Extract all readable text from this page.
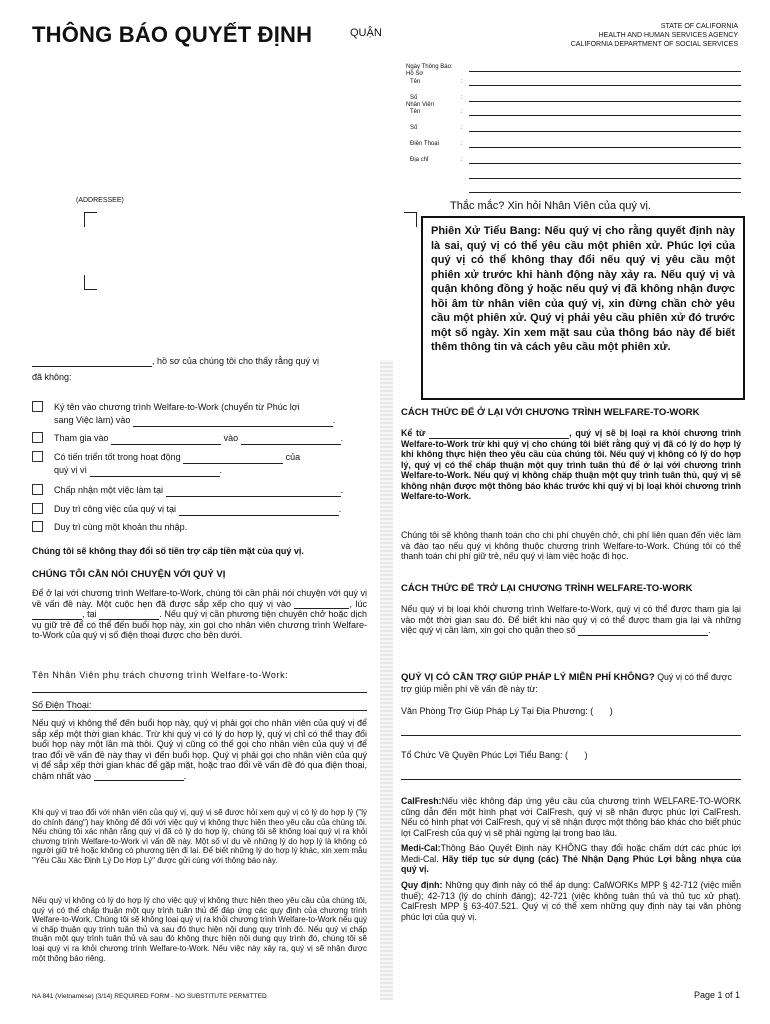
THÔNG BÁO QUYẾT ĐỊNH	QUẬN
STATE OF CALIFORNIA
HEALTH AND HUMAN SERVICES AGENCY
CALIFORNIA DEPARTMENT OF SOCIAL SERVICES
Ngày Thông Báo:
Hồ Sơ
Tên	:
Số	:
Nhân Viên
Tên	:
Số	:
Điện Thoại	:
Địa chỉ	:
(ADDRESSEE)	Thắc mắc? Xin hỏi Nhân Viên của quý vị.
Phiên Xử Tiểu Bang: Nếu quý vị cho rằng quyết định này là sai, quý vị có thể yêu cầu một phiên xử. Phúc lợi của quý vị có thể không thay đổi nếu quý vị yêu cầu một phiên xử trước khi hành động này xảy ra. Nếu quý vị và quận không đồng ý hoặc nếu quý vị đã không nhận được hồi âm từ nhân viên của quý vị, xin đừng chần chờ yêu cầu một phiên xử. Quý vị phải yêu cầu phiên xử đó trước một số ngày. Xin xem mặt sau của thông báo này để biết thêm thông tin và cách yêu cầu một phiên xử.
, hồ sơ của chúng tôi cho thấy rằng quý vị
đã không:
Ký tên vào chương trình Welfare-to-Work (chuyển từ Phúc lợi
sang Việc làm) vào	.
Tham gia vào	vào	.
Có tiến triển tốt trong hoạt động	của
quý vị vì	.
Chấp nhận một việc làm tại	.
Duy trì công việc của quý vị tại	.
Duy trì cùng một khoản thu nhập.
Chúng tôi sẽ không thay đổi số tiền trợ cấp tiền mặt của quý vị.
CHÚNG TÔI CẦN NÓI CHUYỆN VỚI QUÝ VỊ
Để ở lại với chương trình Welfare-to-Work, chúng tôi cần phải nói chuyện với quý vị về vấn đề này. Một cuộc hẹn đã được sắp xếp cho quý vị vào	, lúc , tại	. Nếu quý vị cần phương tiện chuyên chở hoặc dịch vụ giữ trẻ để có thể đến buổi họp này, xin gọi cho nhân viên chương trình Welfare-to-Work của quý vị số điện thoại được cho bên dưới.
Tên Nhân Viên phụ trách chương trình Welfare-to-Work:
Số Điện Thoại:
Nếu quý vị không thể đến buổi họp này, quý vị phải gọi cho nhân viên của quý vị để sắp xếp một thời gian khác. Trừ khi quý vị có lý do hợp lý, quý vị chỉ có thể thay đổi buổi họp này một lần mà thôi. Quý vị cũng có thể gọi cho nhân viên của quý vị để trao đổi về vấn đề này thay vì đến buổi họp. Quý vị phải gọi cho nhân viên của quý vị để sắp xếp thời gian khác để gặp mặt, hoặc trao đổi về vấn đề đó qua điện thoại, chậm nhất vào	.
Khi quý vị trao đổi với nhân viên của quý vị, quý vị sẽ được hỏi xem quý vị có lý do hợp lý ("lý do chính đáng") hay không để đối với việc quý vị không thực hiện theo yêu cầu của chúng tôi. Nếu chúng tôi xác nhận rằng quý vị đã có lý do hợp lý, chúng tôi sẽ không loại quý vị ra khỏi chương trình Welfare-to-Work vì vấn đề này. Một số ví dụ về những lý do hợp lý là không có người giữ trẻ hoặc không có phương tiện đi lại. Để biết những lý do hợp lý khác, xin xem mẫu "Yêu Cầu Xác Định Lý Do Hợp Lý" được gửi cùng với thông báo này.
Nếu quý vị không có lý do hợp lý cho việc quý vị không thực hiện theo yêu cầu của chúng tôi, quý vị có thể chấp thuận một quy trình tuân thủ để đáp ứng các quy định của chương trình Welfare-to-Work. Chúng tôi sẽ không loại quý vị ra khỏi chương trình Welfare-to-Work nếu quý vị chấp thuận quy trình tuân thủ và sau đó thực hiện nội dung quy trình đó. Nếu quý vị chấp thuận một quy trình tuân thủ và sau đó không thực hiện nội dung quy trình đó, chúng tôi sẽ loại quý vị ra khỏi chương trình Welfare-to-Work. Nếu việc này xảy ra, quý vị sẽ nhận được một thông báo riêng.
CÁCH THỨC ĐỂ Ở LẠI VỚI CHƯƠNG TRÌNH WELFARE-TO-WORK
Kể từ	, quý vị sẽ bị loại ra khỏi chương trình Welfare-to-Work trừ khi quý vị cho chúng tôi biết rằng quý vị đã có lý do hợp lý khi không thực hiện theo yêu cầu của chúng tôi. Nếu quý vị không có lý do hợp lý, quý vị có thể chấp thuận một quy trình tuân thủ để ở lại với chương trình Welfare-to-Work. Nếu quý vị không chấp thuận một quy trình tuân thủ, quý vị sẽ không nhận được một thông báo khác trước khi quý vị bị loại khỏi chương trình Welfare-to-Work.
Chúng tôi sẽ không thanh toán cho chi phí chuyên chở, chi phí liên quan đến việc làm và đào tạo nếu quý vị không thuộc chương trình Welfare-to-Work. Chúng tôi có thể thanh toán chi phí giữ trẻ, nếu quý vị làm việc hoặc đi học.
CÁCH THỨC ĐỂ TRỞ LẠI CHƯƠNG TRÌNH WELFARE-TO-WORK
Nếu quý vị bị loại khỏi chương trình Welfare-to-Work, quý vị có thể được tham gia lại vào một thời gian sau đó. Để biết khi nào quý vị có thể được tham gia lại và những việc quý vị cần làm, xin gọi cho quận theo số	.
QUÝ VỊ CÓ CẦN TRỢ GIÚP PHÁP LÝ MIỄN PHÍ KHÔNG? Quý vị có thể được trợ giúp miễn phí về vấn đề này từ:
Văn Phòng Trợ Giúp Pháp Lý Tại Địa Phương: ( )
Tổ Chức Về Quyền Phúc Lợi Tiểu Bang: ( )
CalFresh:Nếu việc không đáp ứng yêu cầu của chương trình WELFARE-TO-WORK cũng dẫn đến một hình phạt với CalFresh, quý vị sẽ nhận được phúc lợi CalFresh. Nếu có hình phạt với CalFresh, quý vị sẽ nhận được một thông báo khác cho biết phúc lợi CalFresh của quý vị sẽ phải ngừng lại trong bao lâu.
Medi-Cal:Thông Báo Quyết Định này KHÔNG thay đổi hoặc chấm dứt các phúc lợi Medi-Cal. Hãy tiếp tục sử dụng (các) Thẻ Nhận Dạng Phúc Lợi bằng nhựa của quý vị.
Quy định: Những quy định này có thể áp dụng: CalWORKs MPP § 42-712 (việc miễn thuế); 42-713 (lý do chính đáng); 42-721 (việc không tuân thủ và thủ tục xử phạt). CalFresh MPP § 63-407.521. Quý vị có thể xem những quy định này tại văn phòng phúc lợi của quý vị.
NA 841 (Vietnamese) (3/14) REQUIRED FORM - NO SUBSTITUTE PERMITTED	Page 1 of 1
